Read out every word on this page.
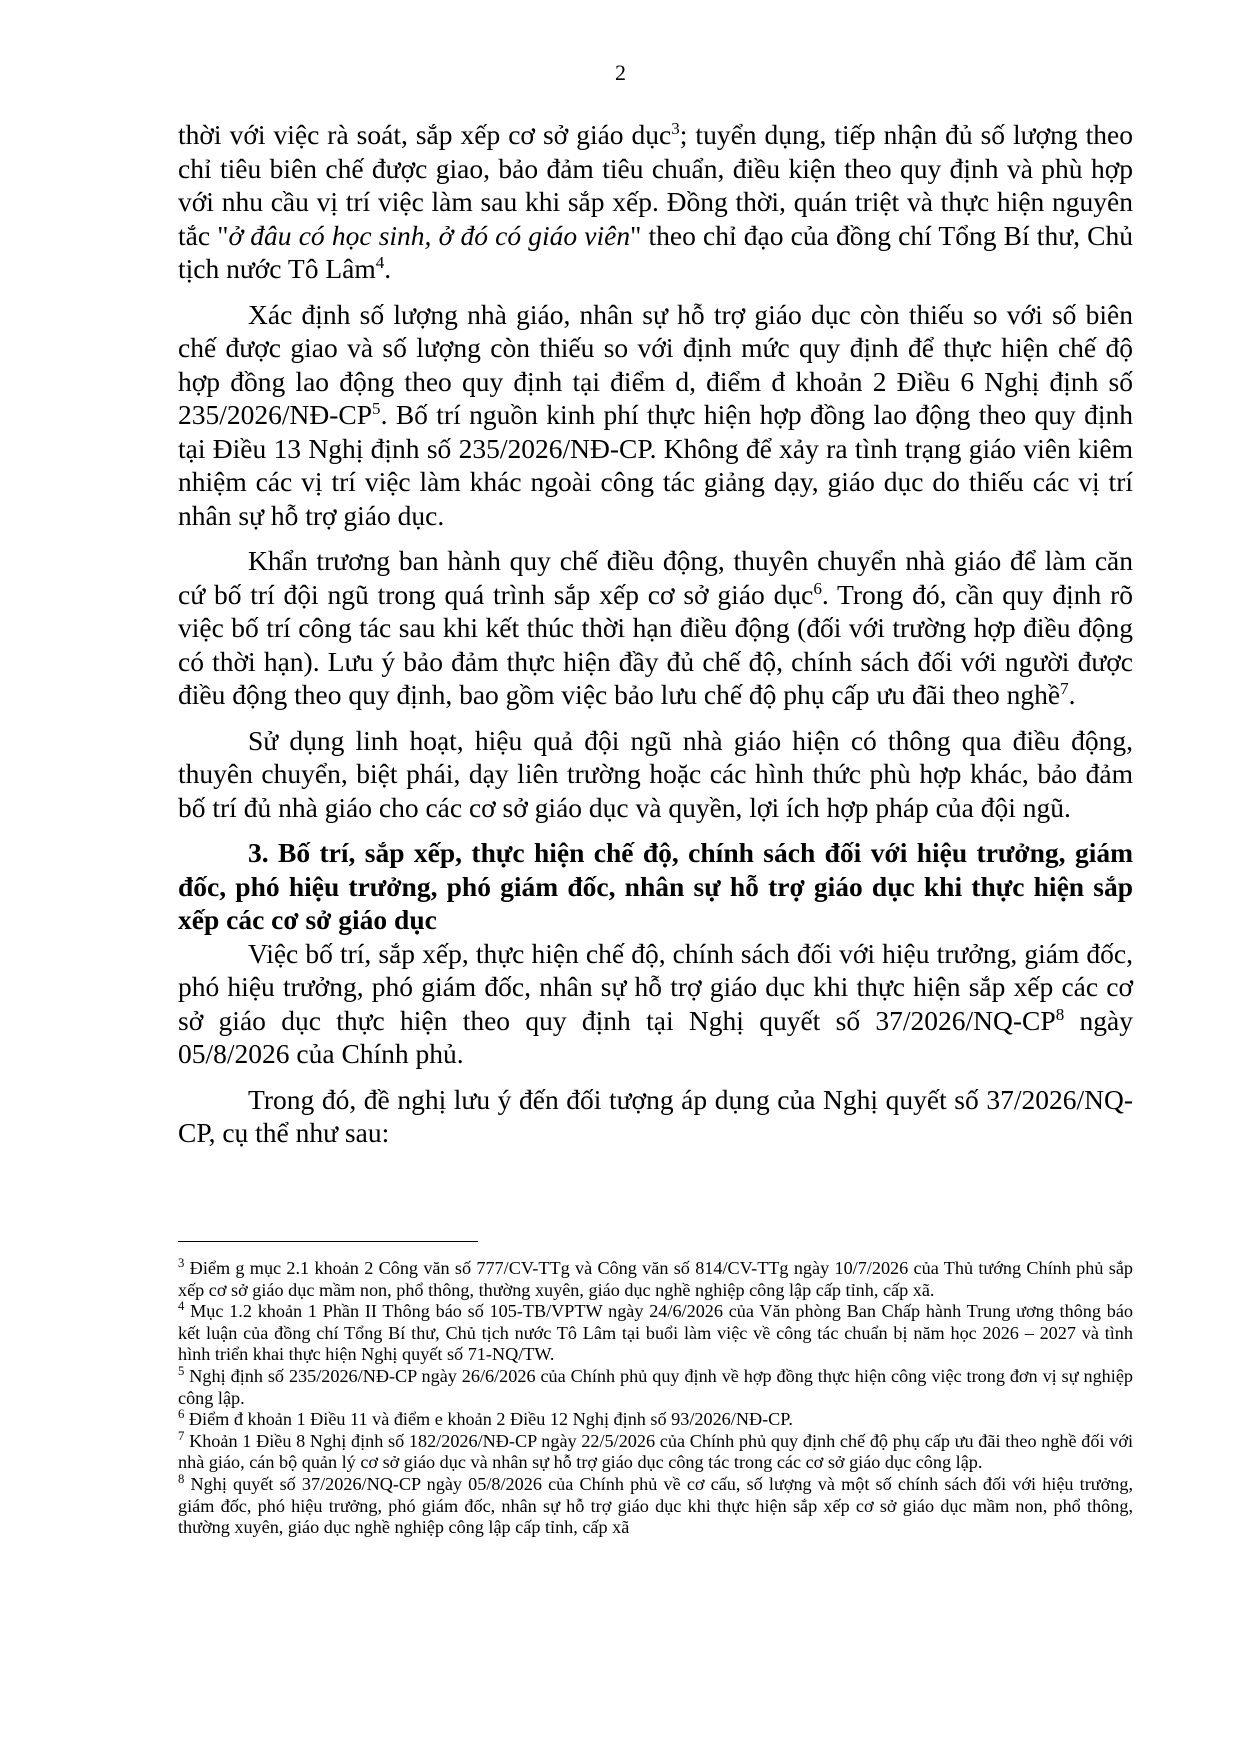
2

thời với việc rà soát, sắp xếp cơ sở giáo dục$^3$; tuyển dụng, tiếp nhận đủ số lượng theo chỉ tiêu biên chế được giao, bảo đảm tiêu chuẩn, điều kiện theo quy định và phù hợp với nhu cầu vị trí việc làm sau khi sắp xếp. Đồng thời, quán triệt và thực hiện nguyên tắc "ở đâu có học sinh, ở đó có giáo viên" theo chỉ đạo của đồng chí Tổng Bí thư, Chủ tịch nước Tô Lâm$^4$.

Xác định số lượng nhà giáo, nhân sự hỗ trợ giáo dục còn thiếu so với số biên chế được giao và số lượng còn thiếu so với định mức quy định để thực hiện chế độ hợp đồng lao động theo quy định tại điểm d, điểm đ khoản 2 Điều 6 Nghị định số $235/2026/NĐ-CP^5$. Bố trí nguồn kinh phí thực hiện hợp đồng lao động theo quy định tại Điều 13 Nghị định số 235/2026/NĐ-CP. Không để xảy ra tình trạng giáo viên kiêm nhiệm các vị trí việc làm khác ngoài công tác giảng dạy, giáo dục do thiếu các vị trí nhân sự hỗ trợ giáo dục.

Khẩn trương ban hành quy chế điều động, thuyên chuyển nhà giáo để làm căn cứ bố trí đội ngũ trong quá trình sắp xếp cơ sở giáo dục$^6$. Trong đó, cần quy định rõ việc bố trí công tác sau khi kết thúc thời hạn điều động (đối với trường hợp điều động có thời hạn). Lưu ý bảo đảm thực hiện đầy đủ chế độ, chính sách đối với người được điều động theo quy định, bao gồm việc bảo lưu chế độ phụ cấp ưu đãi theo nghề$^7$.

Sử dụng linh hoạt, hiệu quả đội ngũ nhà giáo hiện có thông qua điều động, thuyên chuyển, biệt phái, dạy liên trường hoặc các hình thức phù hợp khác, bảo đảm bố trí đủ nhà giáo cho các cơ sở giáo dục và quyền, lợi ích hợp pháp của đội ngũ.

3. Bố trí, sắp xếp, thực hiện chế độ, chính sách đối với hiệu trưởng, giám đốc, phó hiệu trưởng, phó giám đốc, nhân sự hỗ trợ giáo dục khi thực hiện sắp xếp các cơ sở giáo dục

Việc bố trí, sắp xếp, thực hiện chế độ, chính sách đối với hiệu trưởng, giám đốc, phó hiệu trưởng, phó giám đốc, nhân sự hỗ trợ giáo dục khi thực hiện sắp xếp các cơ sở giáo dục thực hiện theo quy định tại Nghị quyết số $37/2026/NQ-CP^8$ ngày 05/8/2026 của Chính phủ.

Trong đó, đề nghị lưu ý đến đối tượng áp dụng của Nghị quyết số 37/2026/NQ-CP, cụ thể như sau:

$^3$ Điểm g mục 2.1 khoản 2 Công văn số 777/CV-TTg và Công văn số 814/CV-TTg ngày 10/7/2026 của Thủ tướng Chính phủ sắp xếp cơ sở giáo dục mầm non, phổ thông, thường xuyên, giáo dục nghề nghiệp công lập cấp tỉnh, cấp xã.

$^4$ Mục 1.2 khoản 1 Phần II Thông báo số 105-TB/VPTW ngày 24/6/2026 của Văn phòng Ban Chấp hành Trung ương thông báo kết luận của đồng chí Tổng Bí thư, Chủ tịch nước Tô Lâm tại buổi làm việc về công tác chuẩn bị năm học 2026 – 2027 và tình hình triển khai thực hiện Nghị quyết số 71-NQ/TW.

$^5$ Nghị định số 235/2026/NĐ-CP ngày 26/6/2026 của Chính phủ quy định về hợp đồng thực hiện công việc trong đơn vị sự nghiệp công lập.

$^6$ Điểm đ khoản 1 Điều 11 và điểm e khoản 2 Điều 12 Nghị định số 93/2026/NĐ-CP.

$^7$ Khoản 1 Điều 8 Nghị định số 182/2026/NĐ-CP ngày 22/5/2026 của Chính phủ quy định chế độ phụ cấp ưu đãi theo nghề đối với nhà giáo, cán bộ quản lý cơ sở giáo dục và nhân sự hỗ trợ giáo dục công tác trong các cơ sở giáo dục công lập.

$^8$ Nghị quyết số 37/2026/NQ-CP ngày 05/8/2026 của Chính phủ về cơ cấu, số lượng và một số chính sách đối với hiệu trưởng, giám đốc, phó hiệu trưởng, phó giám đốc, nhân sự hỗ trợ giáo dục khi thực hiện sắp xếp cơ sở giáo dục mầm non, phổ thông, thường xuyên, giáo dục nghề nghiệp công lập cấp tỉnh, cấp xã
